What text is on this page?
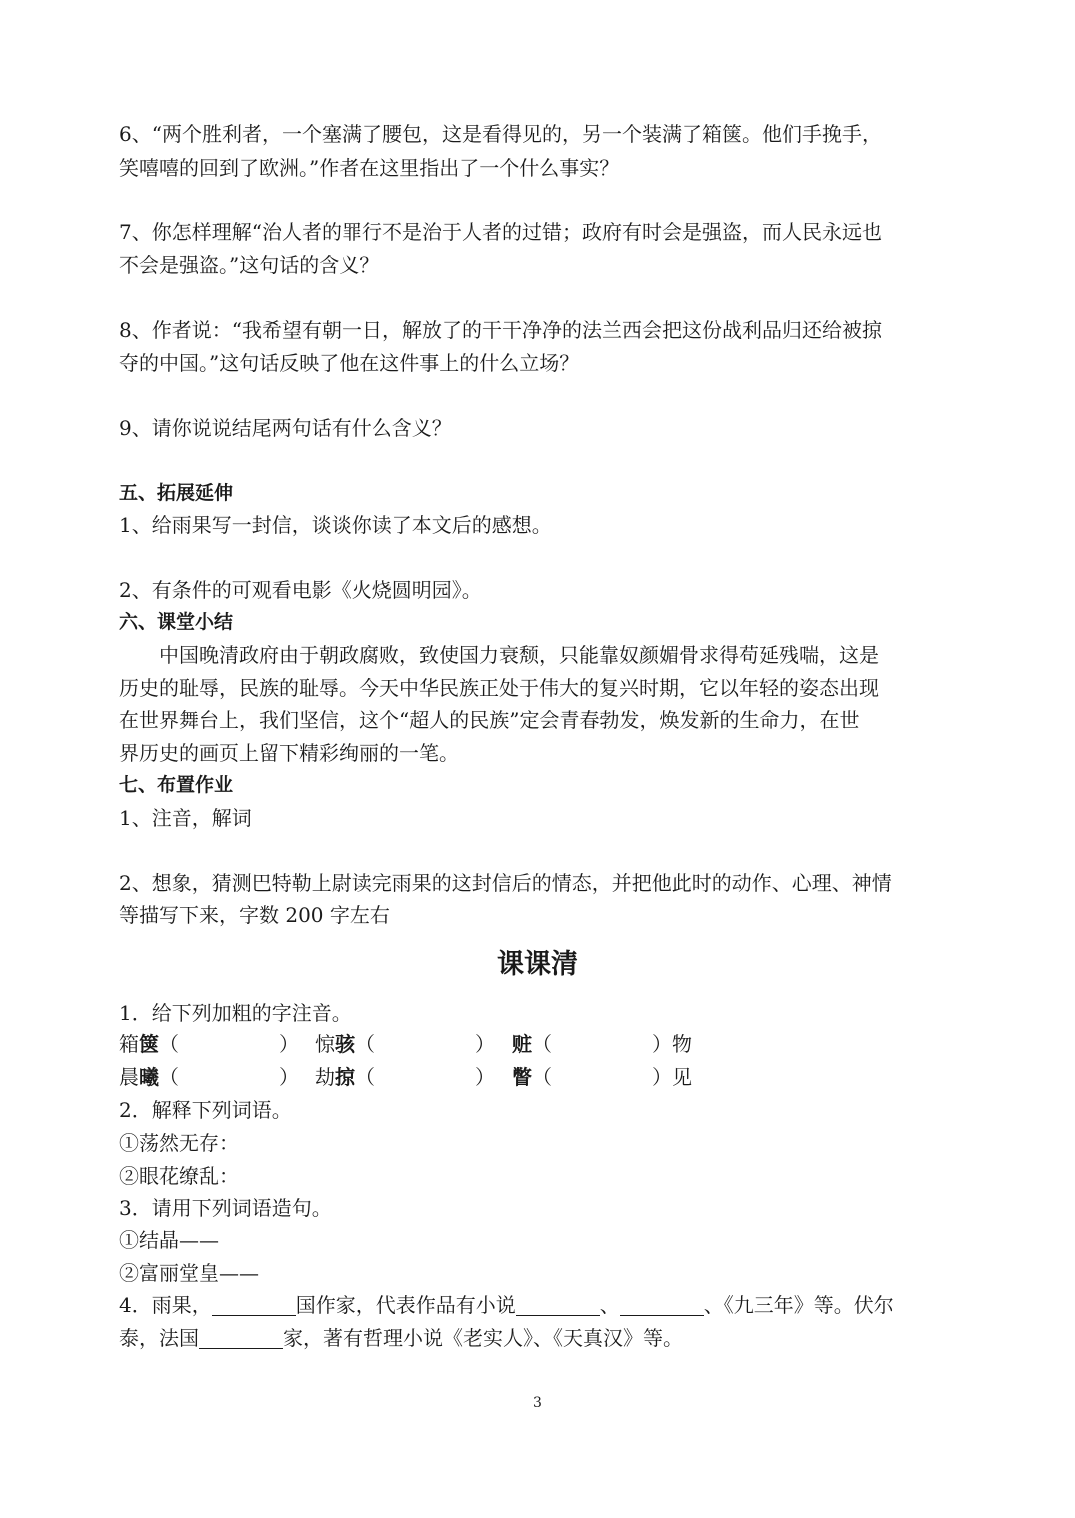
6、“两个胜利者，一个塞满了腰包，这是看得见的，另一个装满了箱箧。他们手挽手，
笑嘻嘻的回到了欧洲。”作者在这里指出了一个什么事实？
7、你怎样理解“治人者的罪行不是治于人者的过错；政府有时会是强盗，而人民永远也
不会是强盗。”这句话的含义？
8、作者说：“我希望有朝一日，解放了的干干净净的法兰西会把这份战利品归还给被掠
夺的中国。”这句话反映了他在这件事上的什么立场？
9、请你说说结尾两句话有什么含义？
五、拓展延伸
1、给雨果写一封信，谈谈你读了本文后的感想。
2、有条件的可观看电影《火烧圆明园》。
六、课堂小结
　　中国晚清政府由于朝政腐败，致使国力衰颓，只能靠奴颜媚骨求得苟延残喘，这是
历史的耻辱，民族的耻辱。今天中华民族正处于伟大的复兴时期，它以年轻的姿态出现
在世界舞台上，我们坚信，这个“超人的民族”定会青春勃发，焕发新的生命力，在世
界历史的画页上留下精彩绚丽的一笔。
七、布置作业
1、注音，解词
2、想象，猜测巴特勒上尉读完雨果的这封信后的情态，并把他此时的动作、心理、神情
等描写下来，字数 200 字左右
课课清
1．给下列加粗的字注音。
箱箧（　　　　　） 惊骇（　　　　　） 赃（　　　　　）物
晨曦（　　　　　） 劫掠（　　　　　） 瞥（　　　　　）见
2．解释下列词语。
①荡然无存：
②眼花缭乱：
3．请用下列词语造句。
①结晶——
②富丽堂皇——
4．雨果，	国作家，代表作品有小说	、	、《九三年》等。伏尔
泰，法国	家，著有哲理小说《老实人》、《天真汉》等。
3
